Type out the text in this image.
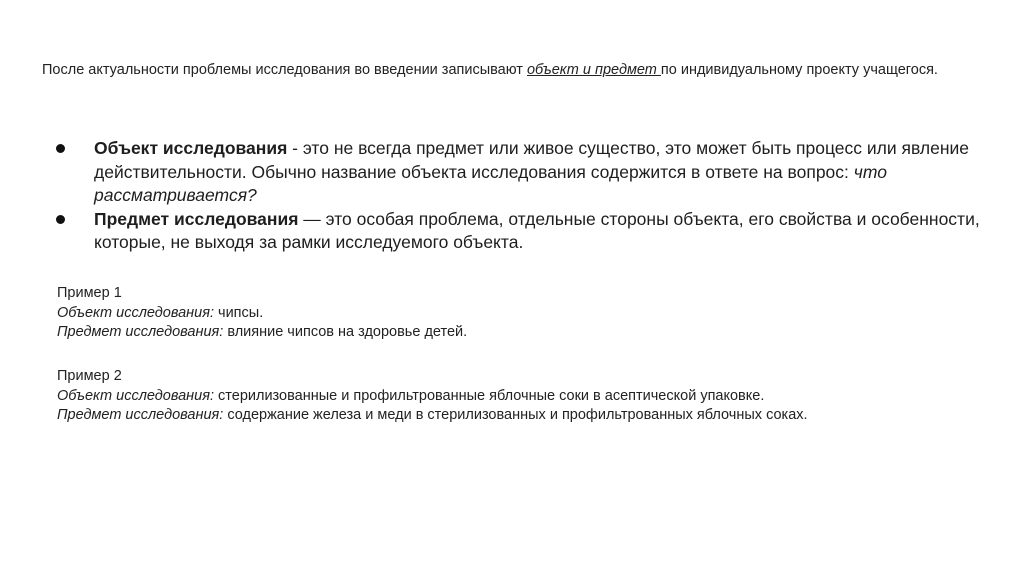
После актуальности проблемы исследования во введении записывают объект и предмет по индивидуальному проекту учащегося.

Объект исследования - это не всегда предмет или живое существо, это может быть процесс или явление действительности. Обычно название объекта исследования содержится в ответе на вопрос: что рассматривается?
Предмет исследования — это особая проблема, отдельные стороны объекта, его свойства и особенности, которые, не выходя за рамки исследуемого объекта.
Пример 1
Объект исследования: чипсы.
Предмет исследования: влияние чипсов на здоровье детей.
Пример 2
Объект исследования: стерилизованные и профильтрованные яблочные соки в асептической упаковке.
Предмет исследования: содержание железа и меди в стерилизованных и профильтрованных яблочных соках.
